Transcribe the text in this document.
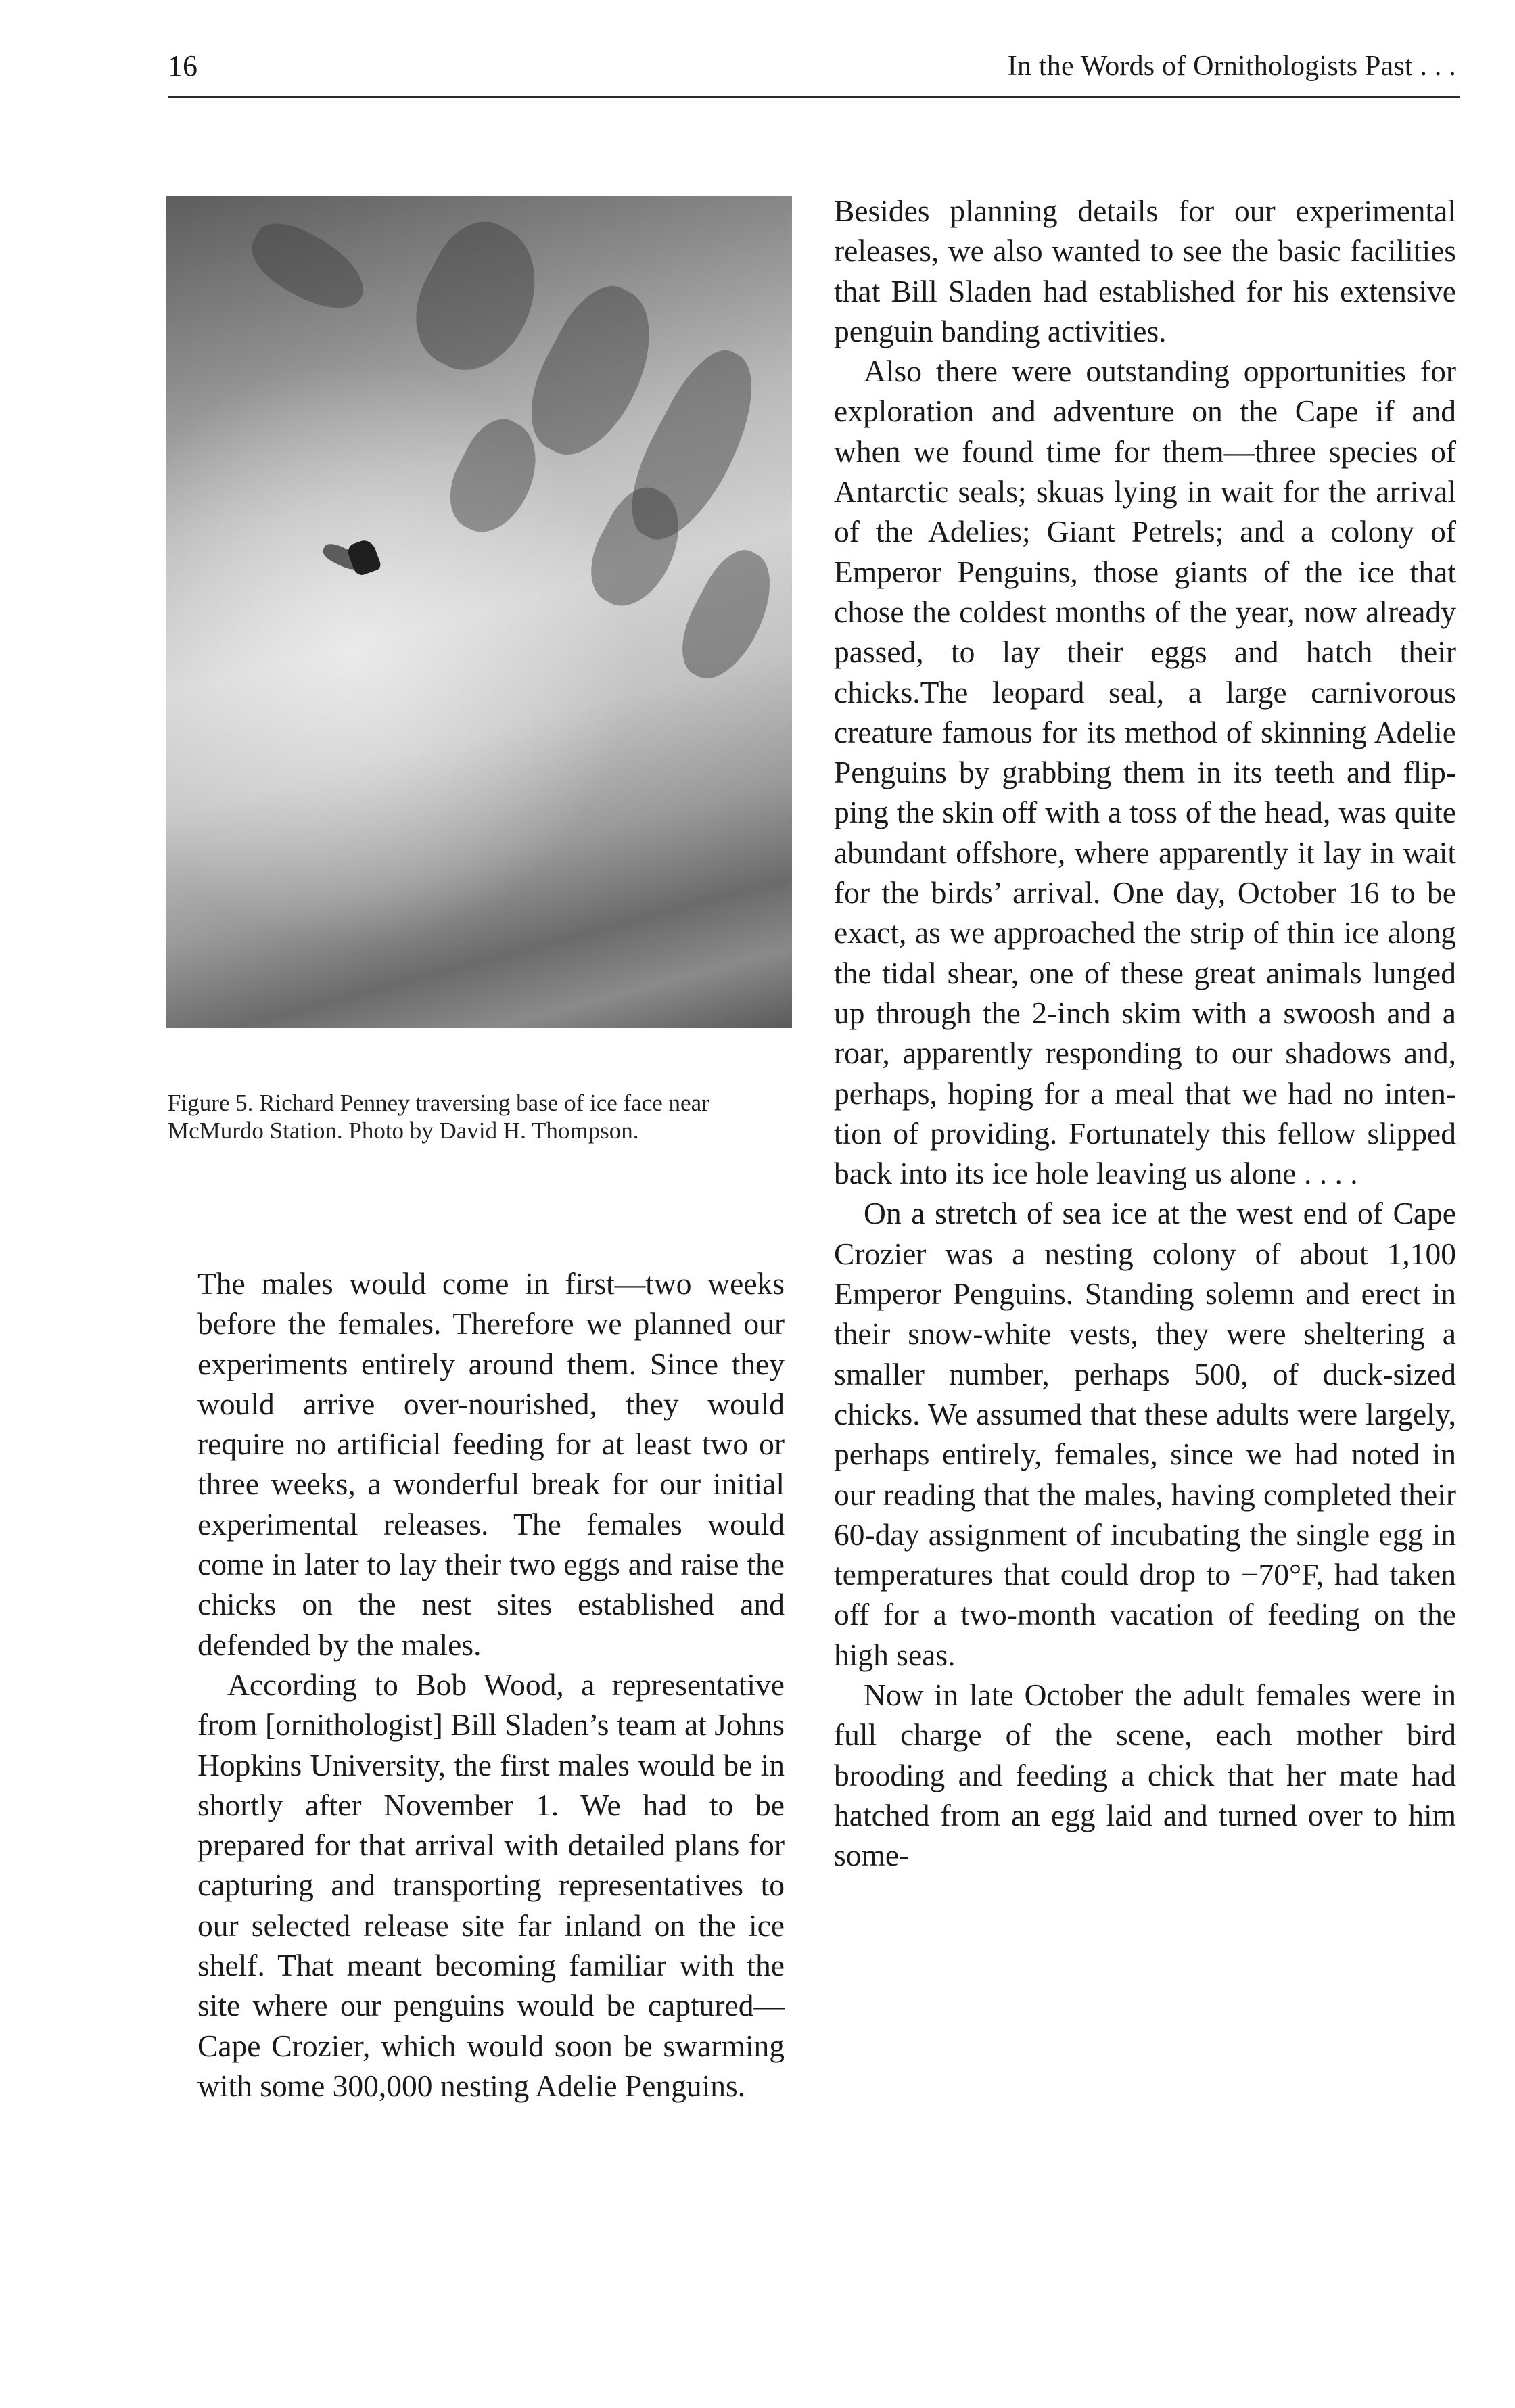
16	In the Words of Ornithologists Past . . .
Figure 5. Richard Penney traversing base of ice face near McMurdo Station. Photo by David H. Thompson.

The males would come in first—two weeks before the females. Therefore we planned our experiments entirely around them. Since they would arrive over-nourished, they would require no artificial feeding for at least two or three weeks, a wonderful break for our initial experimental releases. The females would come in later to lay their two eggs and raise the chicks on the nest sites established and defended by the males.

According to Bob Wood, a representative from [ornithologist] Bill Sladen’s team at Johns Hopkins University, the first males would be in shortly after November 1. We had to be prepared for that arrival with detailed plans for capturing and transporting representatives to our selected release site far inland on the ice shelf. That meant becoming familiar with the site where our penguins would be captured—Cape Crozier, which would soon be swarming with some 300,000 nesting Adelie Penguins.

Besides planning details for our experimental releases, we also wanted to see the basic facilities that Bill Sladen had established for his extensive penguin banding activities.

Also there were outstanding opportunities for exploration and adventure on the Cape if and when we found time for them—three species of Antarctic seals; skuas lying in wait for the arrival of the Adelies; Giant Petrels; and a colony of Emperor Penguins, those giants of the ice that chose the coldest months of the year, now already passed, to lay their eggs and hatch their chicks.The leopard seal, a large carnivorous creature famous for its method of skinning Adelie Penguins by grabbing them in its teeth and flipping the skin off with a toss of the head, was quite abundant offshore, where apparently it lay in wait for the birds’ arrival. One day, October 16 to be exact, as we approached the strip of thin ice along the tidal shear, one of these great animals lunged up through the 2-inch skim with a swoosh and a roar, apparently responding to our shadows and, perhaps, hoping for a meal that we had no intention of providing. Fortunately this fellow slipped back into its ice hole leaving us alone . . . .

On a stretch of sea ice at the west end of Cape Crozier was a nesting colony of about 1,100 Emperor Penguins. Standing solemn and erect in their snow-white vests, they were sheltering a smaller number, perhaps 500, of duck-sized chicks. We assumed that these adults were largely, perhaps entirely, females, since we had noted in our reading that the males, having completed their 60-day assignment of incubating the single egg in temperatures that could drop to −70°F, had taken off for a two-month vacation of feeding on the high seas.

Now in late October the adult females were in full charge of the scene, each mother bird brooding and feeding a chick that her mate had hatched from an egg laid and turned over to him some-
